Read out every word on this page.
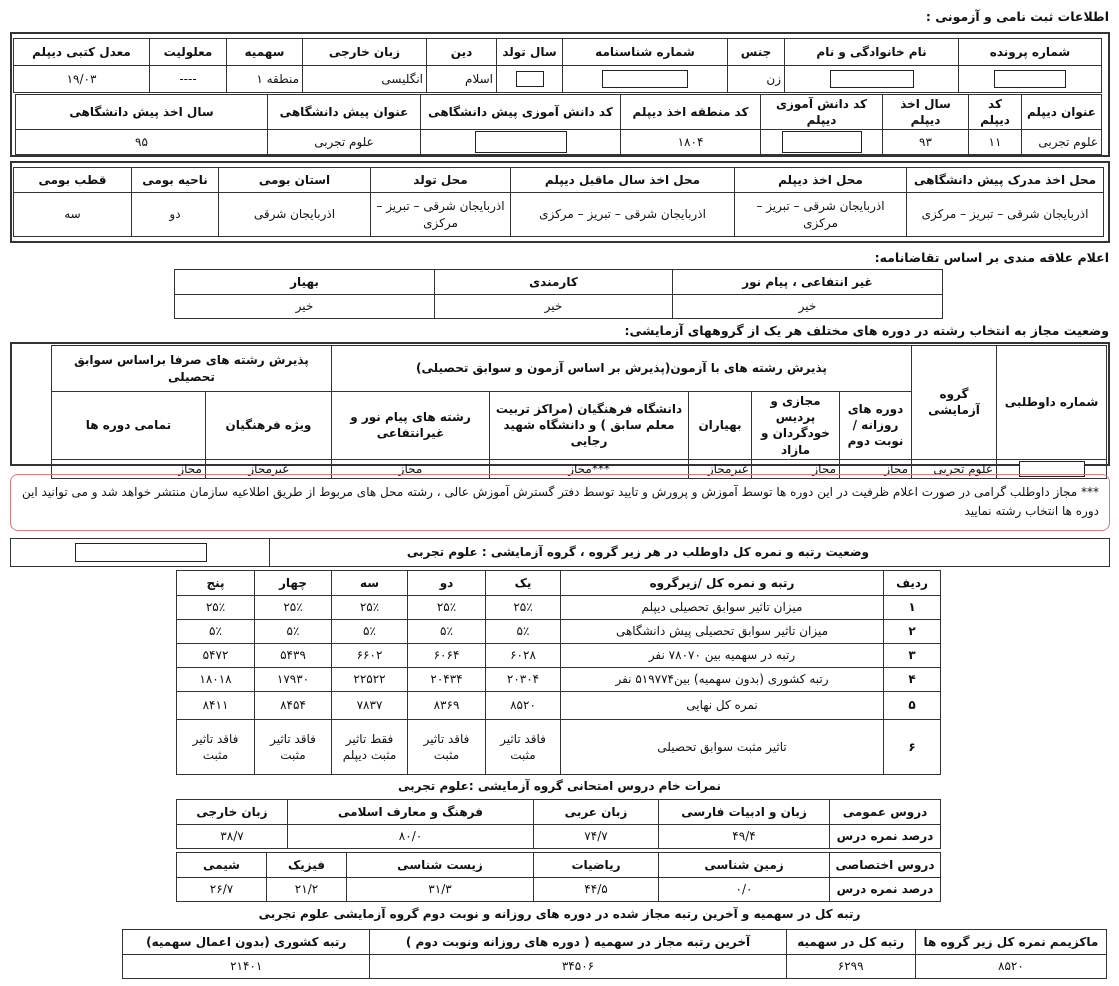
اطلاعات ثبت نامی و آزمونی :
شماره پرونده	نام خانوادگی و نام	جنس	شماره شناسنامه	سال تولد	دین	زبان خارجی	سهمیه	معلولیت	معدل کتبی دیپلم
		زن			اسلام	انگلیسی	منطقه ۱	----	۱۹/۰۳
عنوان دیپلم	کد دیپلم	سال اخذ دیپلم	کد دانش آموزی دیپلم	کد منطقه اخذ دیپلم	کد دانش آموزی پیش دانشگاهی	عنوان پیش دانشگاهی	سال اخذ پیش دانشگاهی
علوم تجربی	۱۱	۹۳		۱۸۰۴		علوم تجربی	۹۵
محل اخذ مدرک پیش دانشگاهی	محل اخذ دیپلم	محل اخذ سال ماقبل دیپلم	محل تولد	استان بومی	ناحیه بومی	قطب بومی
اذربایجان شرقی – تبریز – مرکزی	اذربایجان شرقی – تبریز – مرکزی	اذربایجان شرقی – تبریز – مرکزی	اذربایجان شرقی – تبریز – مرکزی	اذربایجان شرقی	دو	سه
اعلام علاقه مندی بر اساس تقاضانامه:
غیر انتفاعی ، پیام نور	کارمندی	بهیار
خیر	خیر	خیر
وضعیت مجاز به انتخاب رشته در دوره های مختلف هر یک از گروههای آزمایشی:
شماره داوطلبی	گروه آزمایشی	پذیرش رشته های با آزمون(پذیرش بر اساس آزمون و سوابق تحصیلی)					پذیرش رشته های صرفا براساس سوابق تحصیلی	
		دوره های روزانه / نوبت دوم	مجازی و پردیس خودگردان و مازاد	بهیاران	دانشگاه فرهنگیان (مراکز تربیت معلم سابق ) و دانشگاه شهید رجایی	رشته های پیام نور و غیرانتفاعی	ویژه فرهنگیان	تمامی دوره ها
	علوم تجربی	مجاز	مجاز	غیرمجاز	***مجاز	مجاز	غیرمجاز	مجاز
*** مجاز داوطلب گرامی در صورت اعلام ظرفیت در این دوره ها توسط آموزش و پرورش و تایید توسط دفتر گسترش آموزش عالی ، رشته محل های مربوط از طریق اطلاعیه سازمان منتشر خواهد شد و می توانید این دوره ها انتخاب رشته نمایید
وضعیت رتبه و نمره کل داوطلب در هر زیر گروه ، گروه آزمایشی : علوم تجربی
ردیف	رتبه و نمره کل /زیرگروه	یک	دو	سه	چهار	پنج
۱	میزان تاثیر سوابق تحصیلی دیپلم	۲۵٪	۲۵٪	۲۵٪	۲۵٪	۲۵٪
۲	میزان تاثیر سوابق تحصیلی پیش دانشگاهی	۵٪	۵٪	۵٪	۵٪	۵٪
۳	رتبه در سهمیه بین ۷۸۰۷۰ نفر	۶۰۲۸	۶۰۶۴	۶۶۰۲	۵۴۳۹	۵۴۷۲
۴	رتبه کشوری (بدون سهمیه) بین۵۱۹۷۷۴ نفر	۲۰۳۰۴	۲۰۴۳۴	۲۲۵۲۲	۱۷۹۳۰	۱۸۰۱۸
۵	نمره کل نهایی	۸۵۲۰	۸۳۶۹	۷۸۳۷	۸۴۵۴	۸۴۱۱
۶	تاثیر مثبت سوابق تحصیلی	فاقد تاثیر مثبت	فاقد تاثیر مثبت	فقط تاثیر مثبت دیپلم	فاقد تاثیر مثبت	فاقد تاثیر مثبت
نمرات خام دروس امتحانی گروه آزمایشی :علوم تجربی
دروس عمومی	زبان و ادبیات فارسی	زبان عربی	فرهنگ و معارف اسلامی	زبان خارجی
درصد نمره درس	۴۹/۴	۷۴/۷	۸۰/۰	۳۸/۷
دروس اختصاصی	زمین شناسی	ریاضیات	زیست شناسی	فیزیک	شیمی
درصد نمره درس	۰/۰	۴۴/۵	۳۱/۳	۲۱/۲	۲۶/۷
رتبه کل در سهمیه و آخرین رتبه مجاز شده در دوره های روزانه و نوبت دوم گروه آزمایشی علوم تجربی
ماکزیمم نمره کل زیر گروه ها	رتبه کل در سهمیه	آخرین رتبه مجاز در سهمیه ( دوره های روزانه ونوبت دوم )	رتبه کشوری (بدون اعمال سهمیه)
۸۵۲۰	۶۲۹۹	۳۴۵۰۶	۲۱۴۰۱
